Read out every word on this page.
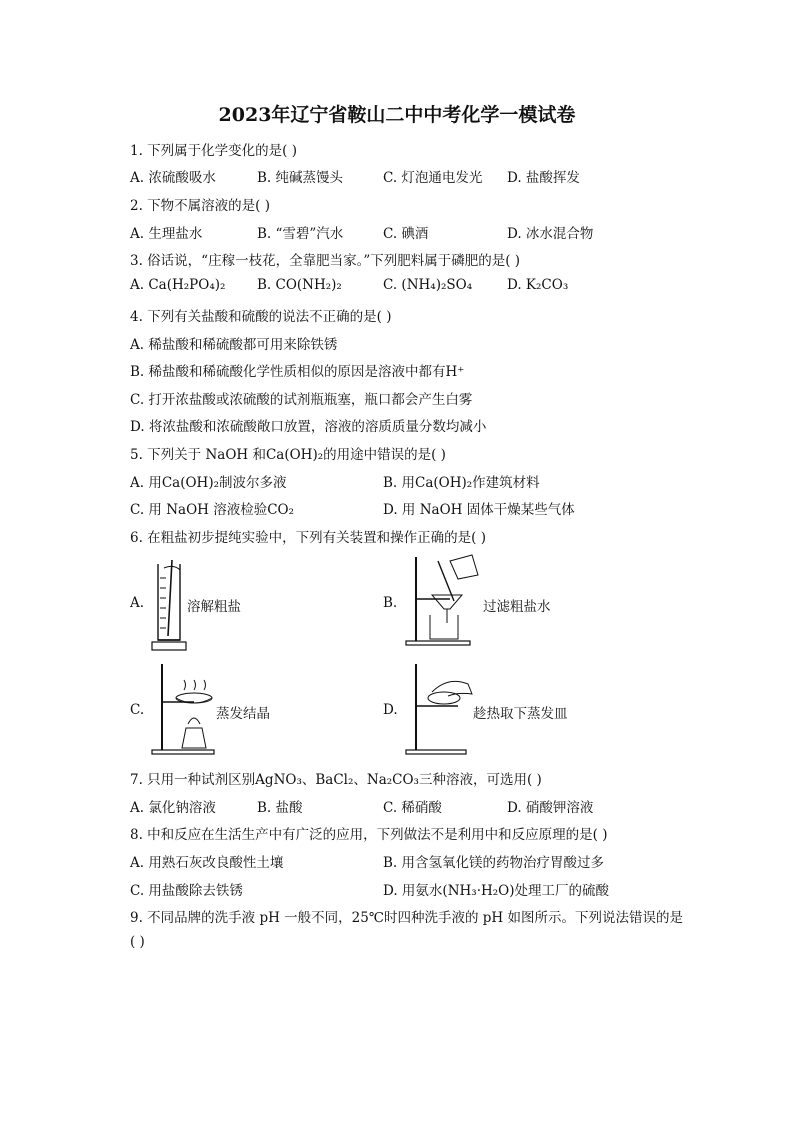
2023年辽宁省鞍山二中中考化学一模试卷
1. 下列属于化学变化的是( )
A. 浓硫酸吸水	B. 纯碱蒸馒头	C. 灯泡通电发光 D. 盐酸挥发
2. 下物不属溶液的是( )
A. 生理盐水	B. “雪碧”汽水	C. 碘酒	D. 冰水混合物
3. 俗话说，“庄稼一枝花，全靠肥当家。”下列肥料属于磷肥的是( )
A. Ca(H₂PO₄)₂ B. CO(NH₂)₂	C. (NH₄)₂SO₄	D. K₂CO₃
4. 下列有关盐酸和硫酸的说法不正确的是( )
A. 稀盐酸和稀硫酸都可用来除铁锈
B. 稀盐酸和稀硫酸化学性质相似的原因是溶液中都有H⁺
C. 打开浓盐酸或浓硫酸的试剂瓶瓶塞，瓶口都会产生白雾
D. 将浓盐酸和浓硫酸敞口放置，溶液的溶质质量分数均减小
5. 下列关于 NaOH 和Ca(OH)₂的用途中错误的是( )
A. 用Ca(OH)₂制波尔多液	B. 用Ca(OH)₂作建筑材料
C. 用 NaOH 溶液检验CO₂	D. 用 NaOH 固体干燥某些气体
6. 在粗盐初步提纯实验中，下列有关装置和操作正确的是( )
A.	溶解粗盐	B.	过滤粗盐水
C.	蒸发结晶	D.	趁热取下蒸发皿
7. 只用一种试剂区别AgNO₃、BaCl₂、Na₂CO₃三种溶液，可选用( )
A. 氯化钠溶液	B. 盐酸	C. 稀硝酸	D. 硝酸钾溶液
8. 中和反应在生活生产中有广泛的应用，下列做法不是利用中和反应原理的是( )
A. 用熟石灰改良酸性土壤	B. 用含氢氧化镁的药物治疗胃酸过多
C. 用盐酸除去铁锈	D. 用氨水(NH₃·H₂O)处理工厂的硫酸
9. 不同品牌的洗手液 pH 一般不同，25℃时四种洗手液的 pH 如图所示。下列说法错误的是
( )
